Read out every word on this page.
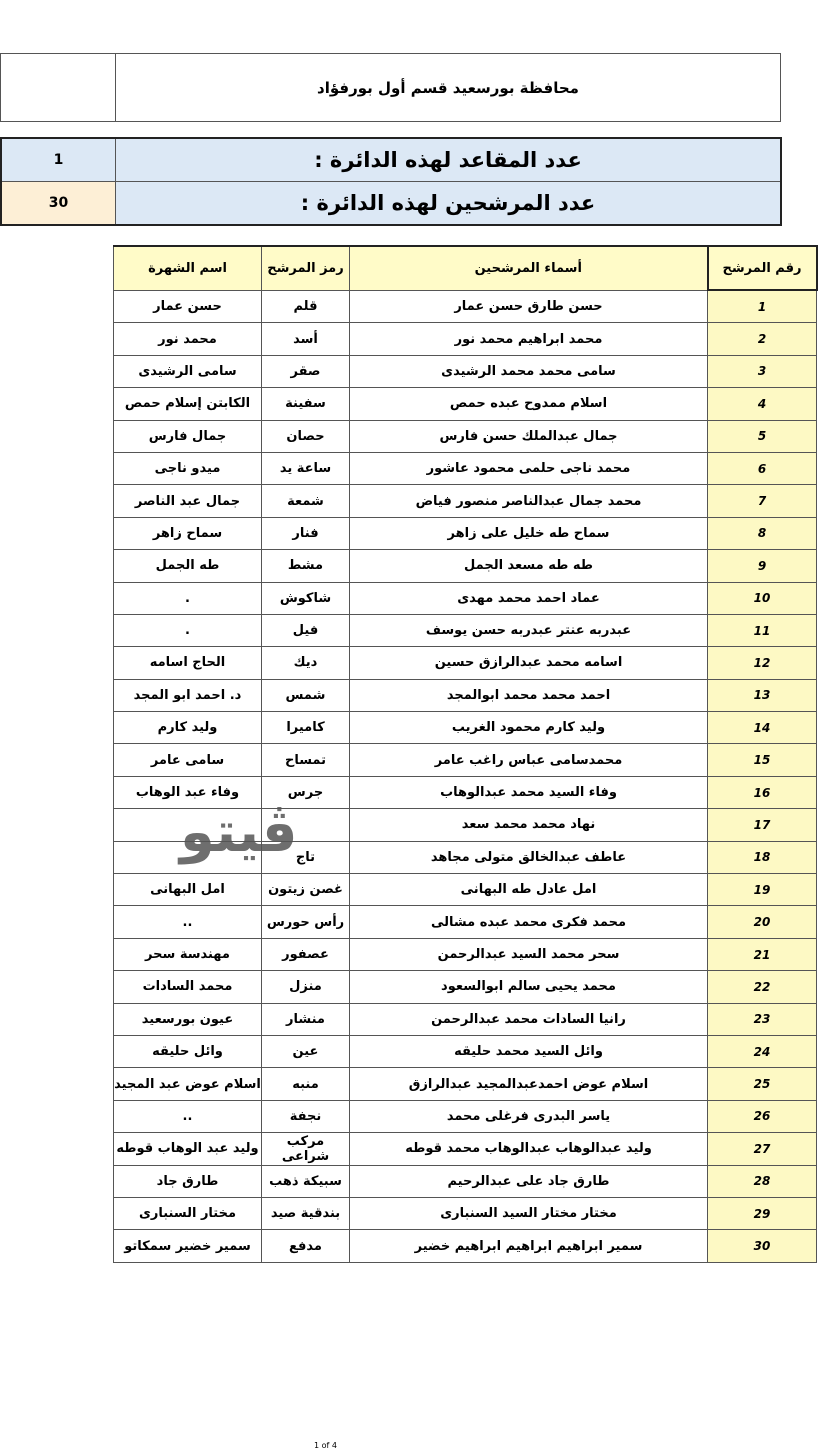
محافظة بورسعيد قسم أول بورفؤاد
1	عدد المقاعد لهذه الدائرة :
30	عدد المرشحين لهذه الدائرة :
رقم المرشح	أسماء المرشحين	رمز المرشح	اسم الشهرة
1	حسن طارق حسن عمار	قلم	حسن عمار
2	محمد ابراهيم محمد نور	أسد	محمد نور
3	سامى محمد محمد الرشيدى	صقر	سامى الرشيدى
4	اسلام ممدوح عبده حمص	سفينة	الكابتن إسلام حمص
5	جمال عبدالملك حسن فارس	حصان	جمال فارس
6	محمد ناجى حلمى محمود عاشور	ساعة يد	ميدو ناجى
7	محمد جمال عبدالناصر منصور فياض	شمعة	جمال عبد الناصر
8	سماح طه خليل على زاهر	فنار	سماح زاهر
9	طه طه مسعد الجمل	مشط	طه الجمل
10	عماد احمد محمد مهدى	شاكوش	.
11	عبدربه عنتر عبدربه حسن يوسف	فيل	.
12	اسامه محمد عبدالرازق حسين	ديك	الحاج اسامه
13	احمد محمد محمد ابوالمجد	شمس	د. احمد ابو المجد
14	وليد كارم محمود الغريب	كاميرا	وليد كارم
15	محمدسامى عباس راغب عامر	تمساح	سامى عامر
16	وفاء السيد محمد عبدالوهاب	جرس	وفاء عبد الوهاب
17	نهاد محمد محمد سعد		
18	عاطف عبدالخالق متولى مجاهد	تاج	
19	امل عادل طه البهانى	غصن زيتون	امل البهانى
20	محمد فكرى محمد عبده مشالى	رأس حورس	..
21	سحر محمد السيد عبدالرحمن	عصفور	مهندسة سحر
22	محمد يحيى سالم ابوالسعود	منزل	محمد السادات
23	رانيا السادات محمد عبدالرحمن	منشار	عيون بورسعيد
24	وائل السيد محمد حليقه	عين	وائل حليقه
25	اسلام عوض احمدعبدالمجيد عبدالرازق	منبه	اسلام عوض عبد المجيد
26	ياسر البدرى فرغلى محمد	نجفة	..
27	وليد عبدالوهاب عبدالوهاب محمد قوطه	مركب شراعى	وليد عبد الوهاب قوطه
28	طارق جاد على عبدالرحيم	سبيكة ذهب	طارق جاد
29	مختار مختار السيد السنبارى	بندقية صيد	مختار السنبارى
30	سمير ابراهيم ابراهيم ابراهيم خضير	مدفع	سمير خضير سمكاتو
ڤيتو
1 of 4
